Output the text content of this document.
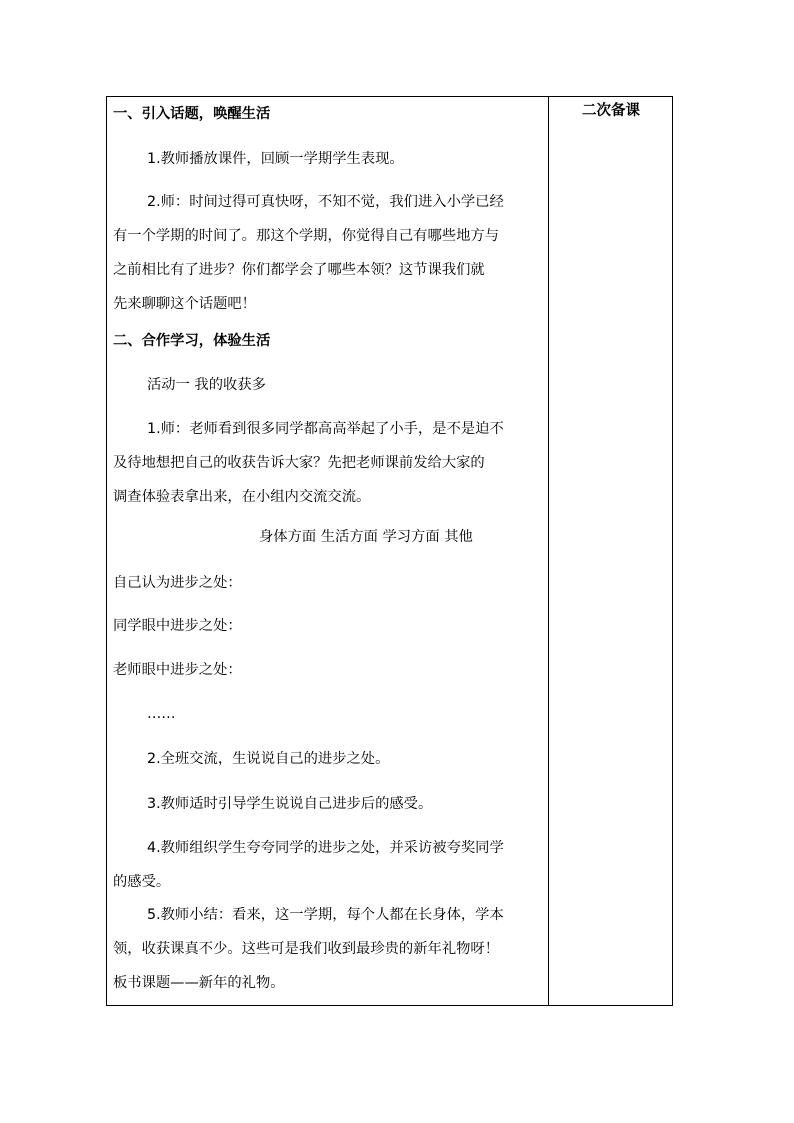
二次备课
一、引入话题，唤醒生活
1.教师播放课件，回顾一学期学生表现。
2.师：时间过得可真快呀，不知不觉，我们进入小学已经
有一个学期的时间了。那这个学期，你觉得自己有哪些地方与
之前相比有了进步？你们都学会了哪些本领？这节课我们就
先来聊聊这个话题吧！
二、合作学习，体验生活
活动一 我的收获多
1.师：老师看到很多同学都高高举起了小手，是不是迫不
及待地想把自己的收获告诉大家？先把老师课前发给大家的
调查体验表拿出来，在小组内交流交流。
身体方面 生活方面 学习方面 其他
自己认为进步之处：
同学眼中进步之处：
老师眼中进步之处：
……
2.全班交流，生说说自己的进步之处。
3.教师适时引导学生说说自己进步后的感受。
4.教师组织学生夸夸同学的进步之处，并采访被夸奖同学
的感受。
5.教师小结：看来，这一学期，每个人都在长身体，学本
领，收获课真不少。这些可是我们收到最珍贵的新年礼物呀！
板书课题——新年的礼物。
